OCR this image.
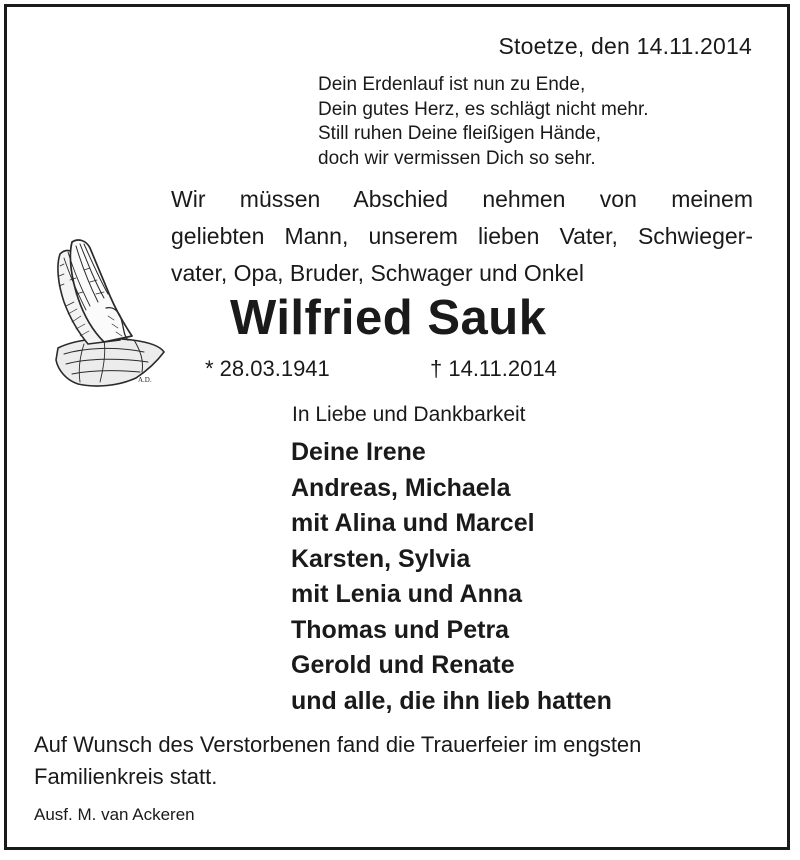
Stoetze, den 14.11.2014
Dein Erdenlauf ist nun zu Ende,
Dein gutes Herz, es schlägt nicht mehr.
Still ruhen Deine fleißigen Hände,
doch wir vermissen Dich so sehr.
Wir müssen Abschied nehmen von meinem
geliebten Mann, unserem lieben Vater, Schwieger-
vater, Opa, Bruder, Schwager und Onkel
A.D.
Wilfried Sauk
* 28.03.1941	† 14.11.2014
In Liebe und Dankbarkeit
Deine Irene
Andreas, Michaela
mit Alina und Marcel
Karsten, Sylvia
mit Lenia und Anna
Thomas und Petra
Gerold und Renate
und alle, die ihn lieb hatten
Auf Wunsch des Verstorbenen fand die Trauerfeier im engsten
Familienkreis statt.
Ausf. M. van Ackeren
